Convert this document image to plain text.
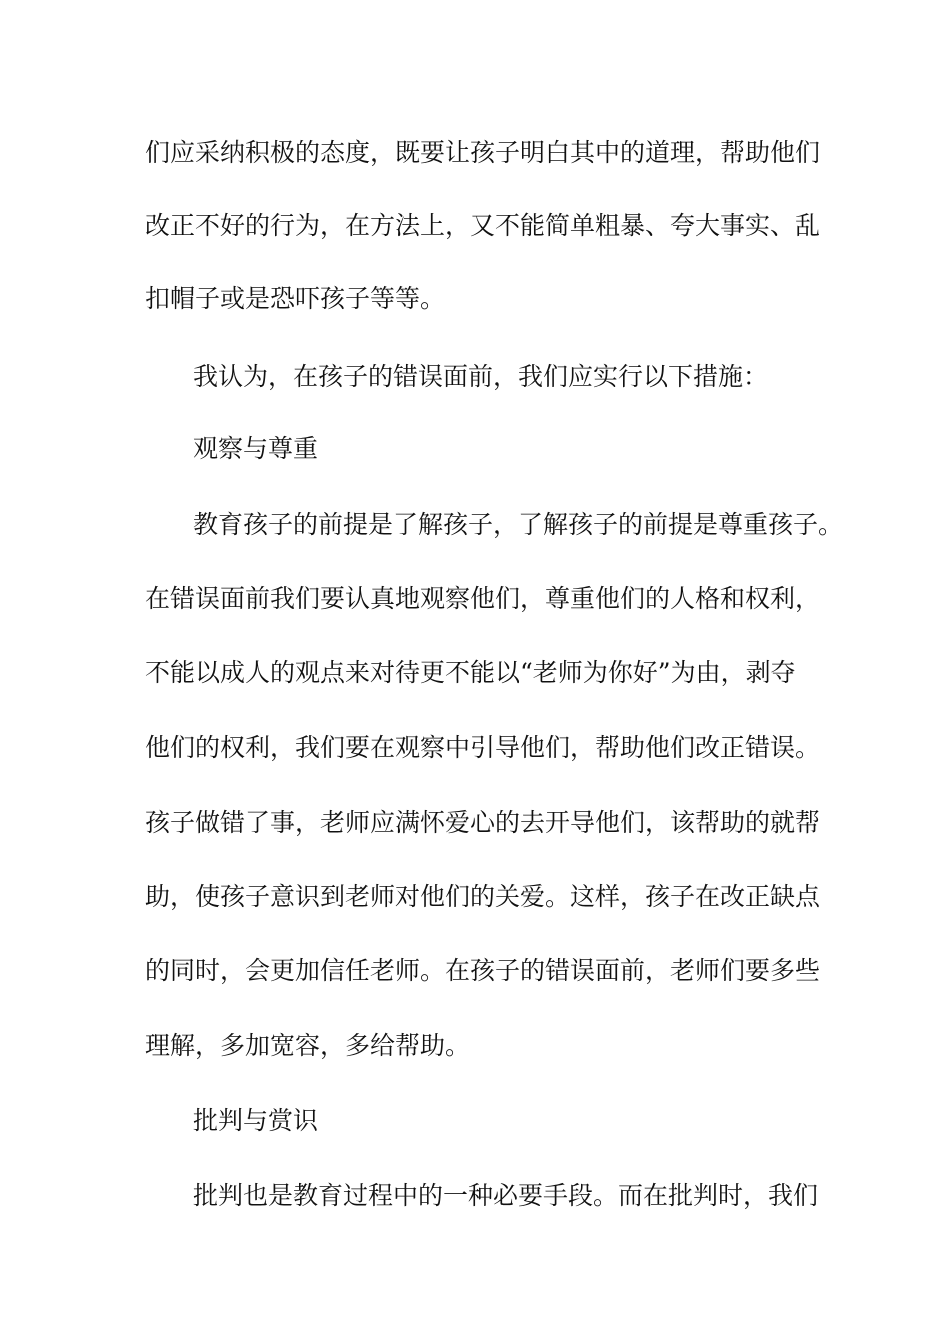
们应采纳积极的态度，既要让孩子明白其中的道理，帮助他们
改正不好的行为，在方法上，又不能简单粗暴、夸大事实、乱
扣帽子或是恐吓孩子等等。
我认为，在孩子的错误面前，我们应实行以下措施：
观察与尊重
教育孩子的前提是了解孩子，了解孩子的前提是尊重孩子。
在错误面前我们要认真地观察他们，尊重他们的人格和权利，
不能以成人的观点来对待更不能以“老师为你好”为由，剥夺
他们的权利，我们要在观察中引导他们，帮助他们改正错误。
孩子做错了事，老师应满怀爱心的去开导他们，该帮助的就帮
助，使孩子意识到老师对他们的关爱。这样，孩子在改正缺点
的同时，会更加信任老师。在孩子的错误面前，老师们要多些
理解，多加宽容，多给帮助。
批判与赏识
批判也是教育过程中的一种必要手段。而在批判时，我们
